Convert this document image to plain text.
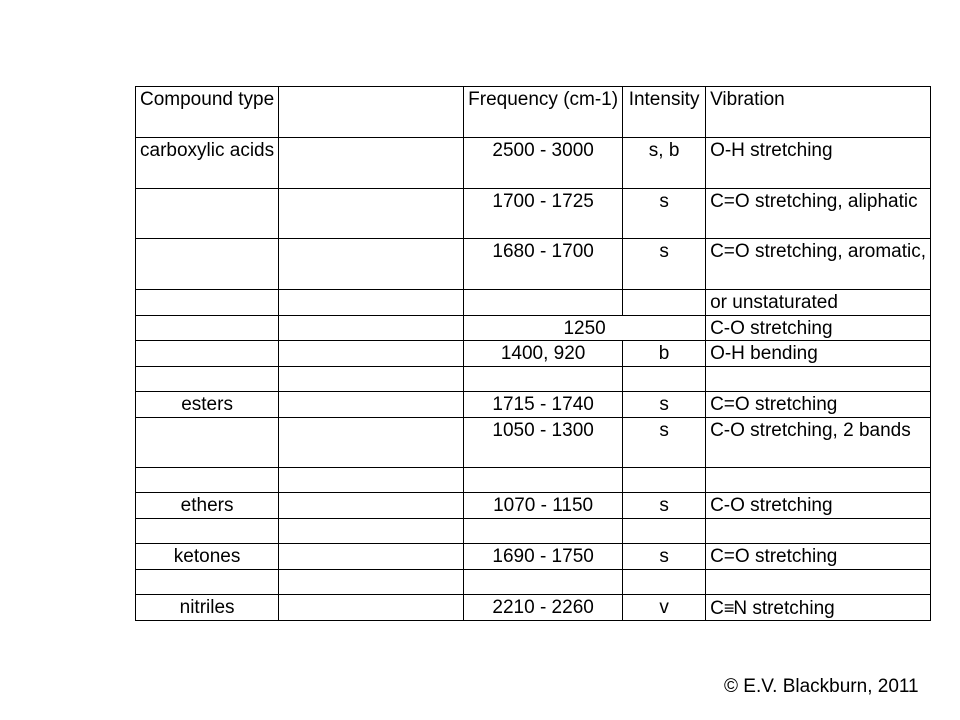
Compound type		Frequency (cm-1)	Intensity	Vibration
carboxylic acids		2500 - 3000	s, b	O-H stretching
		1700 - 1725	s	C=O stretching, aliphatic
		1680 - 1700	s	C=O stretching, aromatic,
				or unstaturated
		1250		C-O stretching
		1400, 920	b	O-H bending

esters		1715 - 1740	s	C=O stretching
		1050 - 1300	s	C-O stretching, 2 bands

ethers		1070 - 1150	s	C-O stretching

ketones		1690 - 1750	s	C=O stretching

nitriles		2210 - 2260	v	C≡N stretching
© E.V. Blackburn, 2011
